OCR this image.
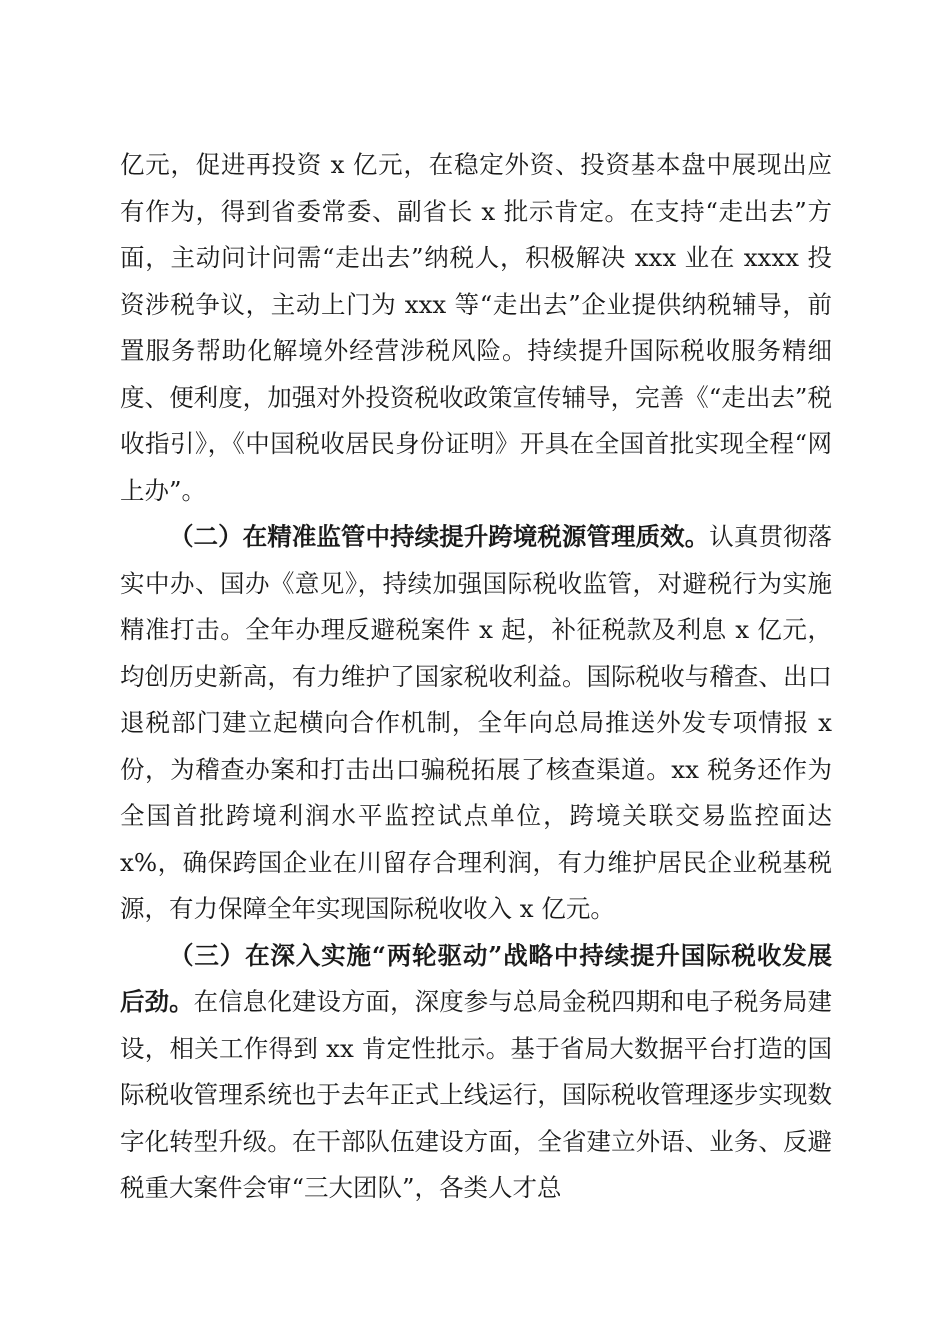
亿元，促进再投资 x 亿元，在稳定外资、投资基本盘中展现出应有作为，得到省委常委、副省长 x 批示肯定。在支持“走出去”方面，主动问计问需“走出去”纳税人，积极解决 xxx 业在 xxxx 投资涉税争议，主动上门为 xxx 等“走出去”企业提供纳税辅导，前置服务帮助化解境外经营涉税风险。持续提升国际税收服务精细度、便利度，加强对外投资税收政策宣传辅导，完善《“走出去”税收指引》，《中国税收居民身份证明》开具在全国首批实现全程“网上办”。

（二）在精准监管中持续提升跨境税源管理质效。认真贯彻落实中办、国办《意见》，持续加强国际税收监管，对避税行为实施精准打击。全年办理反避税案件 x 起，补征税款及利息 x 亿元，均创历史新高，有力维护了国家税收利益。国际税收与稽查、出口退税部门建立起横向合作机制，全年向总局推送外发专项情报 x 份，为稽查办案和打击出口骗税拓展了核查渠道。xx 税务还作为全国首批跨境利润水平监控试点单位，跨境关联交易监控面达 x%，确保跨国企业在川留存合理利润，有力维护居民企业税基税源，有力保障全年实现国际税收收入 x 亿元。

（三）在深入实施“两轮驱动”战略中持续提升国际税收发展后劲。在信息化建设方面，深度参与总局金税四期和电子税务局建设，相关工作得到 xx 肯定性批示。基于省局大数据平台打造的国际税收管理系统也于去年正式上线运行，国际税收管理逐步实现数字化转型升级。在干部队伍建设方面，全省建立外语、业务、反避税重大案件会审“三大团队”，各类人才总
